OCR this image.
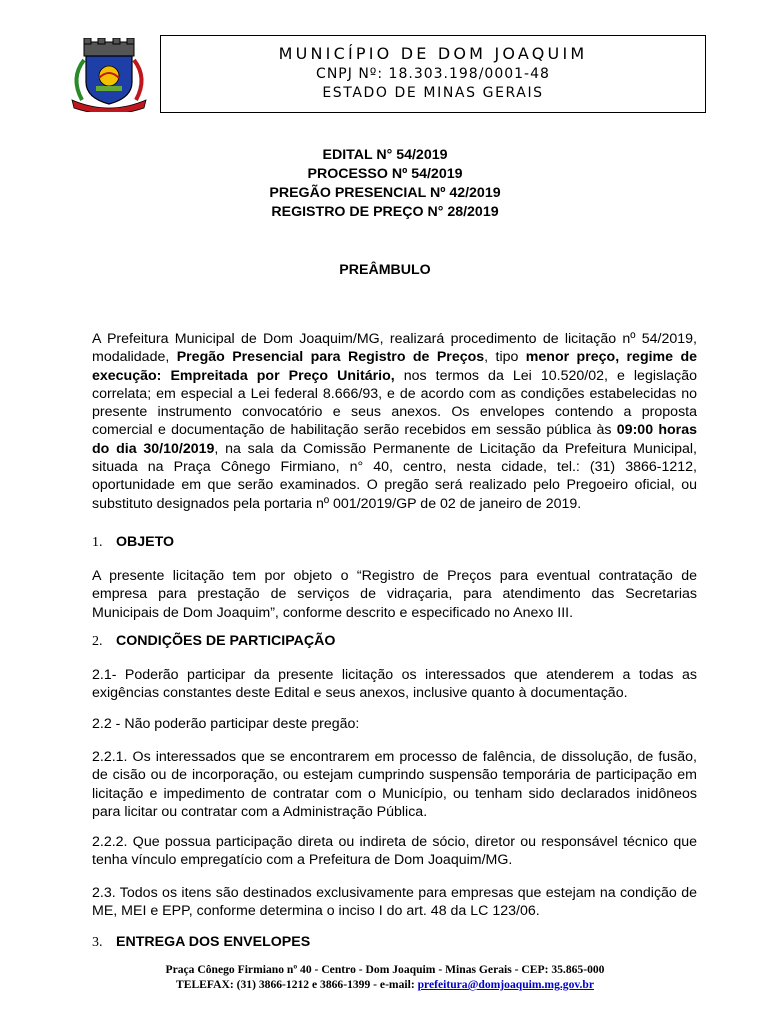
MUNICÍPIO DE DOM JOAQUIM
CNPJ Nº: 18.303.198/0001-48
ESTADO DE MINAS GERAIS
EDITAL N° 54/2019
PROCESSO Nº 54/2019
PREGÃO PRESENCIAL Nº 42/2019
REGISTRO DE PREÇO N° 28/2019
PREÂMBULO
A Prefeitura Municipal de Dom Joaquim/MG, realizará procedimento de licitação nº 54/2019, modalidade, Pregão Presencial para Registro de Preços, tipo menor preço, regime de execução: Empreitada por Preço Unitário, nos termos da Lei 10.520/02, e legislação correlata; em especial a Lei federal 8.666/93, e de acordo com as condições estabelecidas no presente instrumento convocatório e seus anexos. Os envelopes contendo a proposta comercial e documentação de habilitação serão recebidos em sessão pública às 09:00 horas do dia 30/10/2019, na sala da Comissão Permanente de Licitação da Prefeitura Municipal, situada na Praça Cônego Firmiano, n° 40, centro, nesta cidade, tel.: (31) 3866-1212, oportunidade em que serão examinados. O pregão será realizado pelo Pregoeiro oficial, ou substituto designados pela portaria nº 001/2019/GP de 02 de janeiro de 2019.
1. OBJETO
A presente licitação tem por objeto o “Registro de Preços para eventual contratação de empresa para prestação de serviços de vidraçaria, para atendimento das Secretarias Municipais de Dom Joaquim”, conforme descrito e especificado no Anexo III.
2. CONDIÇÕES DE PARTICIPAÇÃO
2.1- Poderão participar da presente licitação os interessados que atenderem a todas as exigências constantes deste Edital e seus anexos, inclusive quanto à documentação.
2.2 - Não poderão participar deste pregão:
2.2.1. Os interessados que se encontrarem em processo de falência, de dissolução, de fusão, de cisão ou de incorporação, ou estejam cumprindo suspensão temporária de participação em licitação e impedimento de contratar com o Município, ou tenham sido declarados inidôneos para licitar ou contratar com a Administração Pública.
2.2.2. Que possua participação direta ou indireta de sócio, diretor ou responsável técnico que tenha vínculo empregatício com a Prefeitura de Dom Joaquim/MG.
2.3. Todos os itens são destinados exclusivamente para empresas que estejam na condição de ME, MEI e EPP, conforme determina o inciso I do art. 48 da LC 123/06.
3. ENTREGA DOS ENVELOPES
Praça Cônego Firmiano nº 40 - Centro - Dom Joaquim - Minas Gerais - CEP: 35.865-000
TELEFAX: (31) 3866-1212 e 3866-1399 - e-mail: prefeitura@domjoaquim.mg.gov.br
